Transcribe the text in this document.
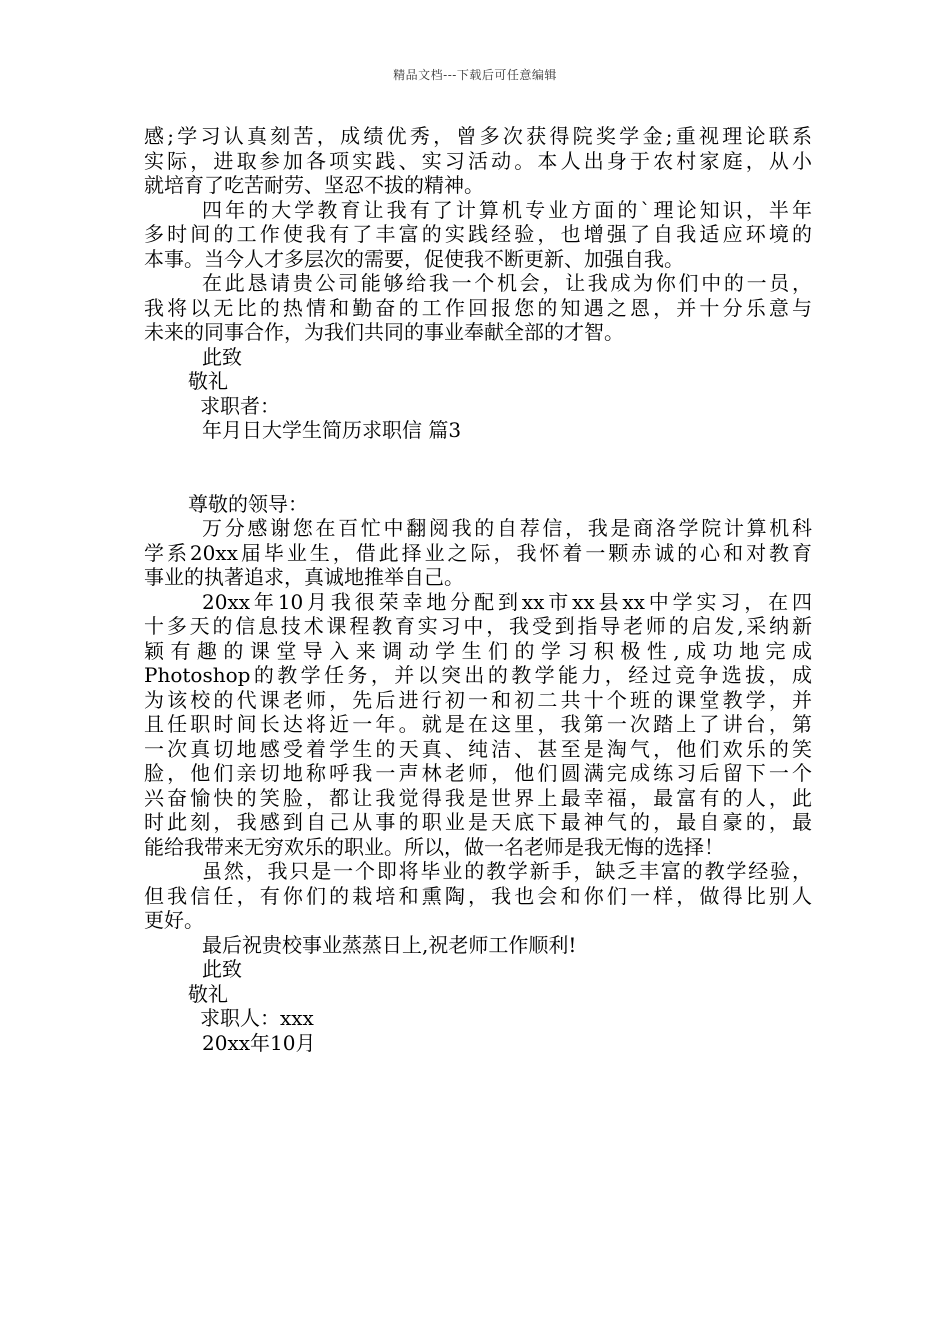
精品文档---下载后可任意编辑
感;学习认真刻苦，成绩优秀，曾多次获得院奖学金;重视理论联系
实际，进取参加各项实践、实习活动。本人出身于农村家庭，从小
就培育了吃苦耐劳、坚忍不拔的精神。
四年的大学教育让我有了计算机专业方面的`理论知识，半年
多时间的工作使我有了丰富的实践经验，也增强了自我适应环境的
本事。当今人才多层次的需要，促使我不断更新、加强自我。
在此恳请贵公司能够给我一个机会，让我成为你们中的一员，
我将以无比的热情和勤奋的工作回报您的知遇之恩，并十分乐意与
未来的同事合作，为我们共同的事业奉献全部的才智。
此致
敬礼
求职者：
年月日大学生简历求职信 篇3
尊敬的领导：
万分感谢您在百忙中翻阅我的自荐信，我是商洛学院计算机科
学系20xx届毕业生，借此择业之际，我怀着一颗赤诚的心和对教育
事业的执著追求，真诚地推举自己。
20xx年10月我很荣幸地分配到xx市xx县xx中学实习，在四
十多天的信息技术课程教育实习中，我受到指导老师的启发,采纳新
颖有趣的课堂导入来调动学生们的学习积极性,成功地完成
Photoshop的教学任务，并以突出的教学能力，经过竞争选拔，成
为该校的代课老师，先后进行初一和初二共十个班的课堂教学，并
且任职时间长达将近一年。就是在这里，我第一次踏上了讲台，第
一次真切地感受着学生的天真、纯洁、甚至是淘气，他们欢乐的笑
脸，他们亲切地称呼我一声林老师，他们圆满完成练习后留下一个
兴奋愉快的笑脸，都让我觉得我是世界上最幸福，最富有的人，此
时此刻，我感到自己从事的职业是天底下最神气的，最自豪的，最
能给我带来无穷欢乐的职业。所以，做一名老师是我无悔的选择！
虽然，我只是一个即将毕业的教学新手，缺乏丰富的教学经验，
但我信任，有你们的栽培和熏陶，我也会和你们一样，做得比别人
更好。
最后祝贵校事业蒸蒸日上,祝老师工作顺利!
此致
敬礼
求职人：xxx
20xx年10月
